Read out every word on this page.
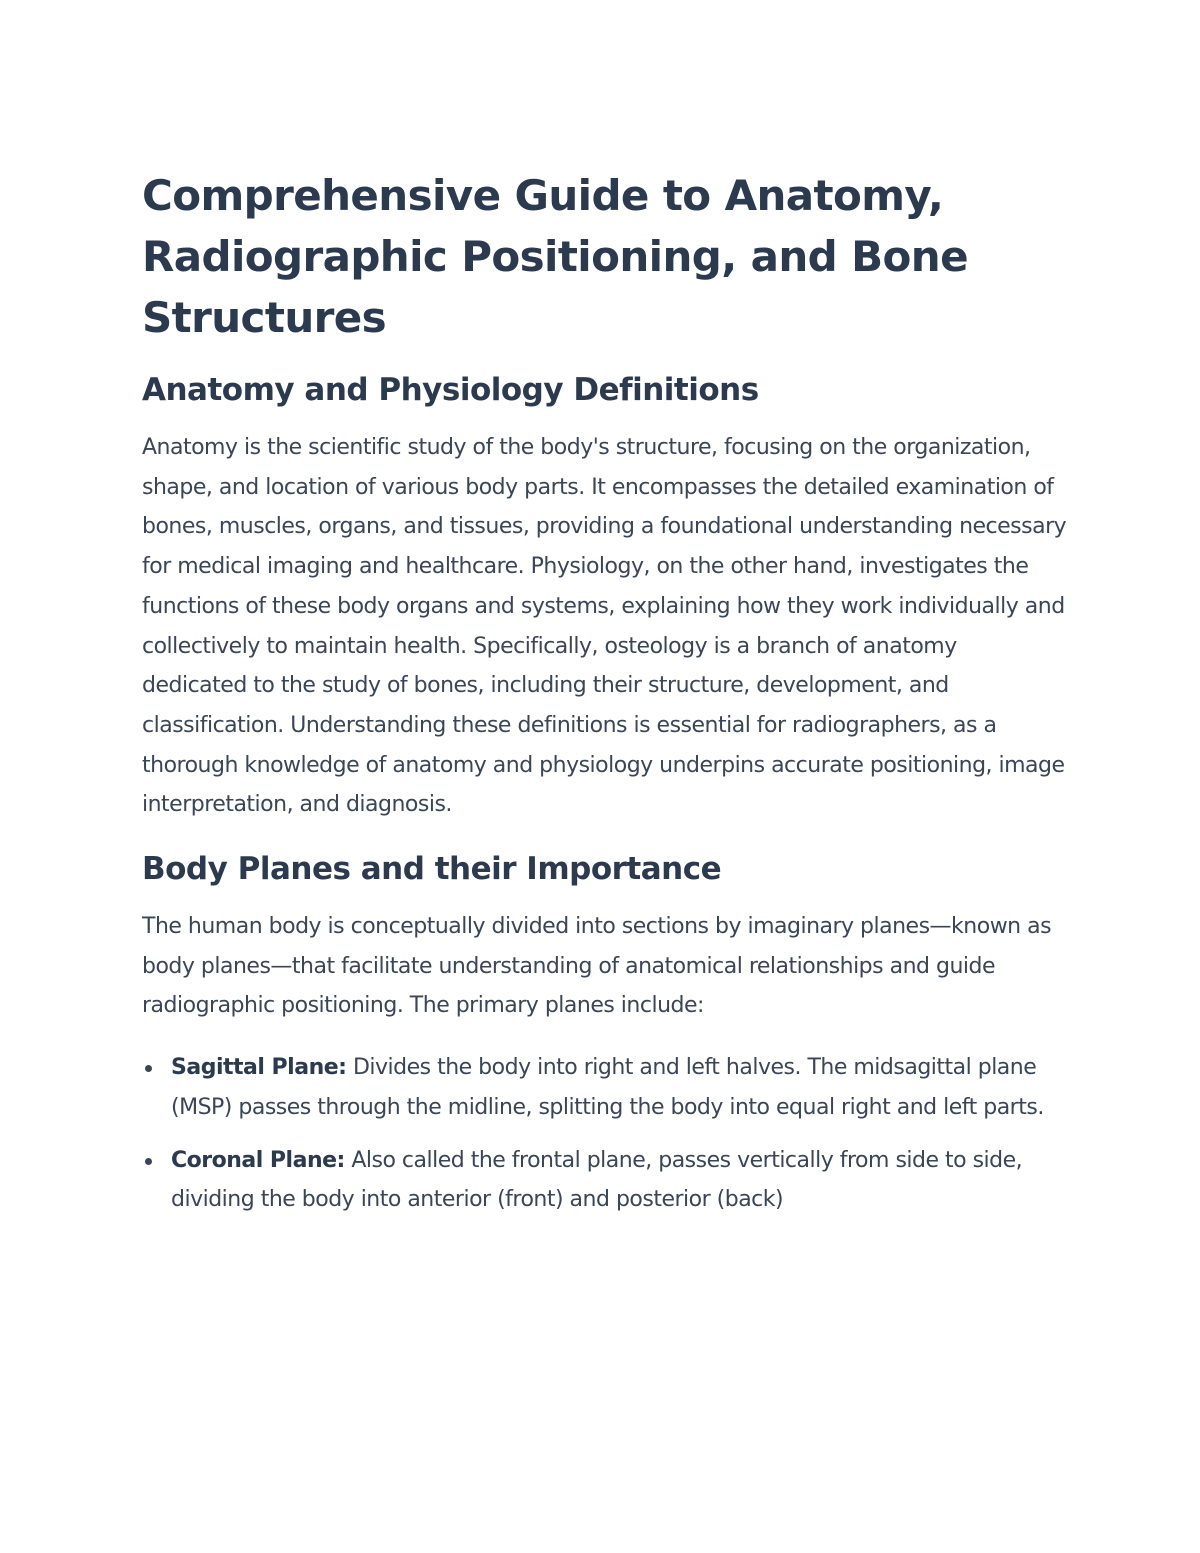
Comprehensive Guide to Anatomy, Radiographic Positioning, and Bone Structures
Anatomy and Physiology Definitions

Anatomy is the scientific study of the body's structure, focusing on the organization, shape, and location of various body parts. It encompasses the detailed examination of bones, muscles, organs, and tissues, providing a foundational understanding necessary for medical imaging and healthcare. Physiology, on the other hand, investigates the functions of these body organs and systems, explaining how they work individually and collectively to maintain health. Specifically, osteology is a branch of anatomy dedicated to the study of bones, including their structure, development, and classification. Understanding these definitions is essential for radiographers, as a thorough knowledge of anatomy and physiology underpins accurate positioning, image interpretation, and diagnosis.

Body Planes and their Importance

The human body is conceptually divided into sections by imaginary planes—known as body planes—that facilitate understanding of anatomical relationships and guide radiographic positioning. The primary planes include:

Sagittal Plane: Divides the body into right and left halves. The midsagittal plane (MSP) passes through the midline, splitting the body into equal right and left parts.
Coronal Plane: Also called the frontal plane, passes vertically from side to side, dividing the body into anterior (front) and posterior (back)
